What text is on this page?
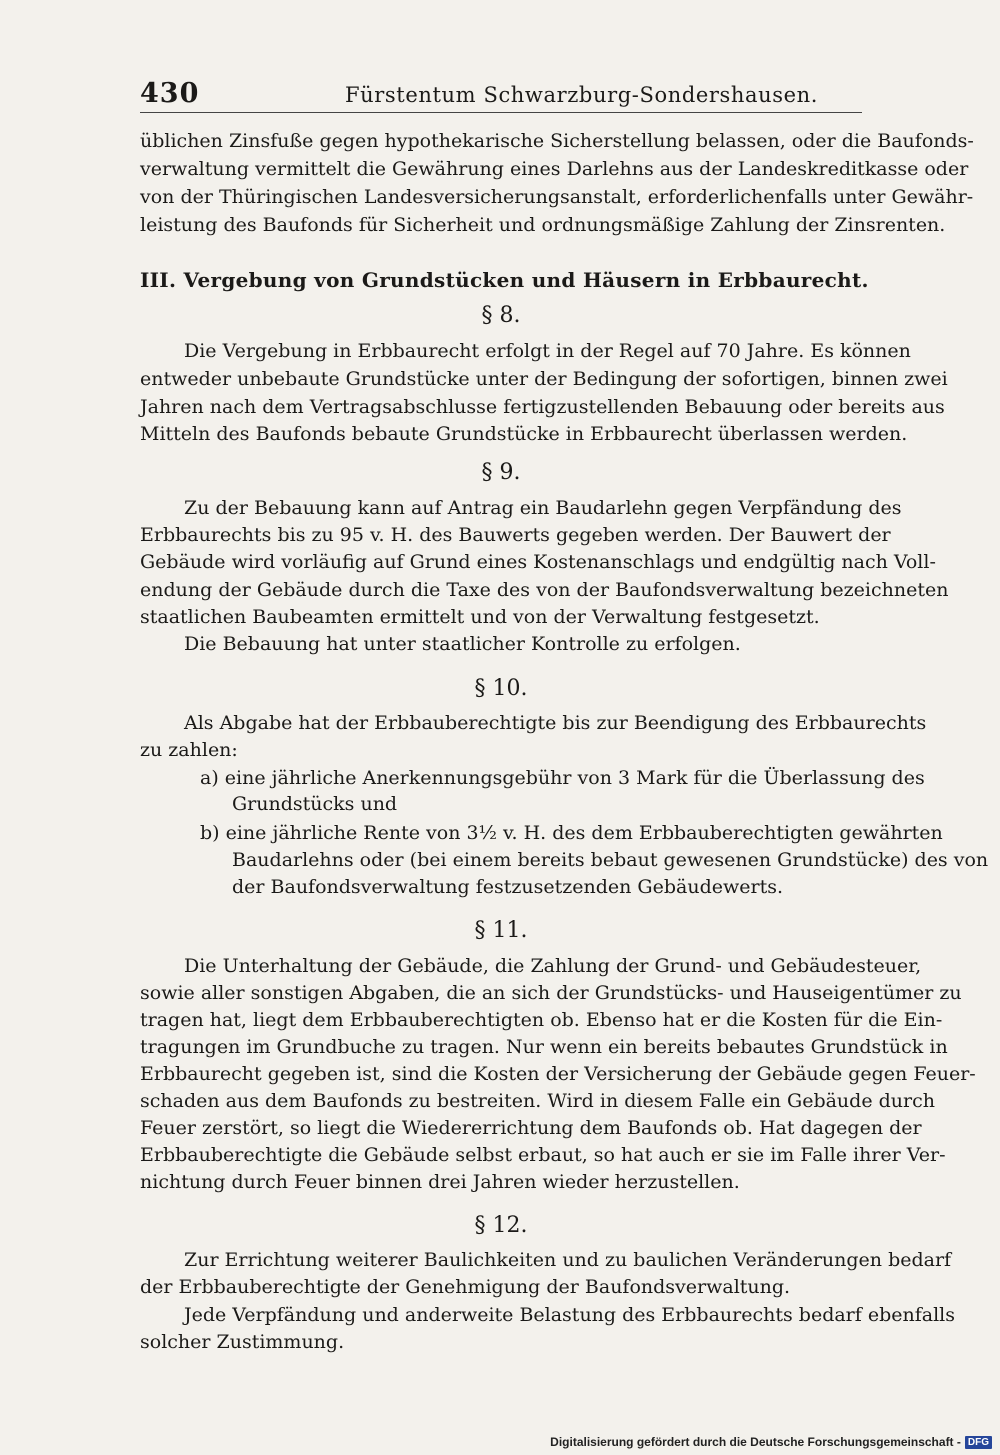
430	Fürstentum Schwarzburg-Sondershausen.
üblichen Zinsfuße gegen hypothekarische Sicherstellung belassen, oder die Baufonds-
verwaltung vermittelt die Gewährung eines Darlehns aus der Landeskreditkasse oder
von der Thüringischen Landesversicherungsanstalt, erforderlichenfalls unter Gewähr-
leistung des Baufonds für Sicherheit und ordnungsmäßige Zahlung der Zinsrenten.
III. Vergebung von Grundstücken und Häusern in Erbbaurecht.
§ 8.
Die Vergebung in Erbbaurecht erfolgt in der Regel auf 70 Jahre. Es können
entweder unbebaute Grundstücke unter der Bedingung der sofortigen, binnen zwei
Jahren nach dem Vertragsabschlusse fertigzustellenden Bebauung oder bereits aus
Mitteln des Baufonds bebaute Grundstücke in Erbbaurecht überlassen werden.
§ 9.
Zu der Bebauung kann auf Antrag ein Baudarlehn gegen Verpfändung des
Erbbaurechts bis zu 95 v. H. des Bauwerts gegeben werden. Der Bauwert der
Gebäude wird vorläufig auf Grund eines Kostenanschlags und endgültig nach Voll-
endung der Gebäude durch die Taxe des von der Baufondsverwaltung bezeichneten
staatlichen Baubeamten ermittelt und von der Verwaltung festgesetzt.
Die Bebauung hat unter staatlicher Kontrolle zu erfolgen.
§ 10.
Als Abgabe hat der Erbbauberechtigte bis zur Beendigung des Erbbaurechts
zu zahlen:
a) eine jährliche Anerkennungsgebühr von 3 Mark für die Überlassung des
Grundstücks und
b) eine jährliche Rente von 3½ v. H. des dem Erbbauberechtigten gewährten
Baudarlehns oder (bei einem bereits bebaut gewesenen Grundstücke) des von
der Baufondsverwaltung festzusetzenden Gebäudewerts.
§ 11.
Die Unterhaltung der Gebäude, die Zahlung der Grund- und Gebäudesteuer,
sowie aller sonstigen Abgaben, die an sich der Grundstücks- und Hauseigentümer zu
tragen hat, liegt dem Erbbauberechtigten ob. Ebenso hat er die Kosten für die Ein-
tragungen im Grundbuche zu tragen. Nur wenn ein bereits bebautes Grundstück in
Erbbaurecht gegeben ist, sind die Kosten der Versicherung der Gebäude gegen Feuer-
schaden aus dem Baufonds zu bestreiten. Wird in diesem Falle ein Gebäude durch
Feuer zerstört, so liegt die Wiedererrichtung dem Baufonds ob. Hat dagegen der
Erbbauberechtigte die Gebäude selbst erbaut, so hat auch er sie im Falle ihrer Ver-
nichtung durch Feuer binnen drei Jahren wieder herzustellen.
§ 12.
Zur Errichtung weiterer Baulichkeiten und zu baulichen Veränderungen bedarf
der Erbbauberechtigte der Genehmigung der Baufondsverwaltung.
Jede Verpfändung und anderweite Belastung des Erbbaurechts bedarf ebenfalls
solcher Zustimmung.
Digitalisierung gefördert durch die Deutsche Forschungsgemeinschaft - DFG
